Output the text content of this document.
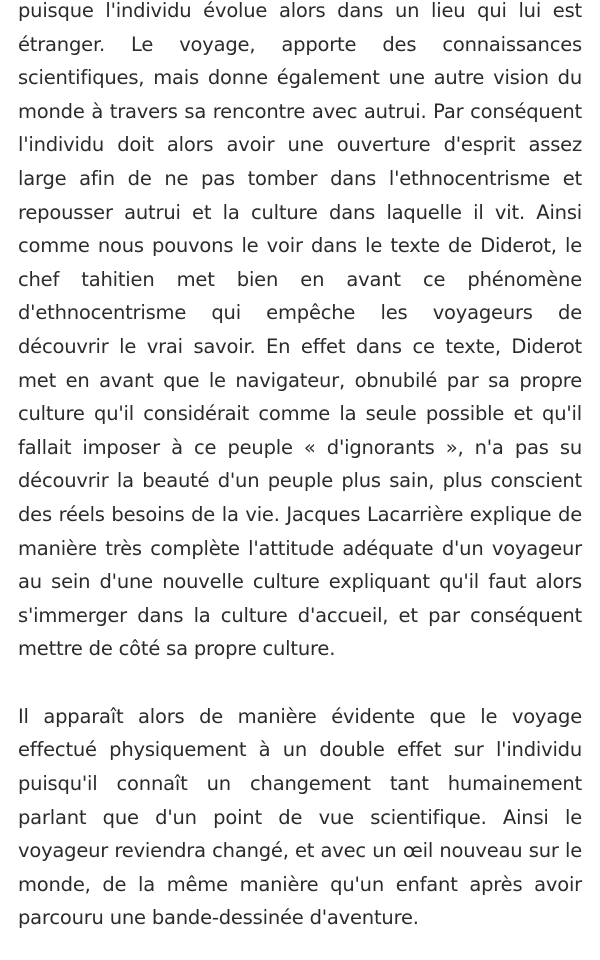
puisque l'individu évolue alors dans un lieu qui lui est étranger. Le voyage, apporte des connaissances scientifiques, mais donne également une autre vision du monde à travers sa rencontre avec autrui. Par conséquent l'individu doit alors avoir une ouverture d'esprit assez large afin de ne pas tomber dans l'ethnocentrisme et repousser autrui et la culture dans laquelle il vit. Ainsi comme nous pouvons le voir dans le texte de Diderot, le chef tahitien met bien en avant ce phénomène d'ethnocentrisme qui empêche les voyageurs de découvrir le vrai savoir. En effet dans ce texte, Diderot met en avant que le navigateur, obnubilé par sa propre culture qu'il considérait comme la seule possible et qu'il fallait imposer à ce peuple « d'ignorants », n'a pas su découvrir la beauté d'un peuple plus sain, plus conscient des réels besoins de la vie. Jacques Lacarrière explique de manière très complète l'attitude adéquate d'un voyageur au sein d'une nouvelle culture expliquant qu'il faut alors s'immerger dans la culture d'accueil, et par conséquent mettre de côté sa propre culture.

Il apparaît alors de manière évidente que le voyage effectué physiquement à un double effet sur l'individu puisqu'il connaît un changement tant humainement parlant que d'un point de vue scientifique. Ainsi le voyageur reviendra changé, et avec un œil nouveau sur le monde, de la même manière qu'un enfant après avoir parcouru une bande-dessinée d'aventure.
